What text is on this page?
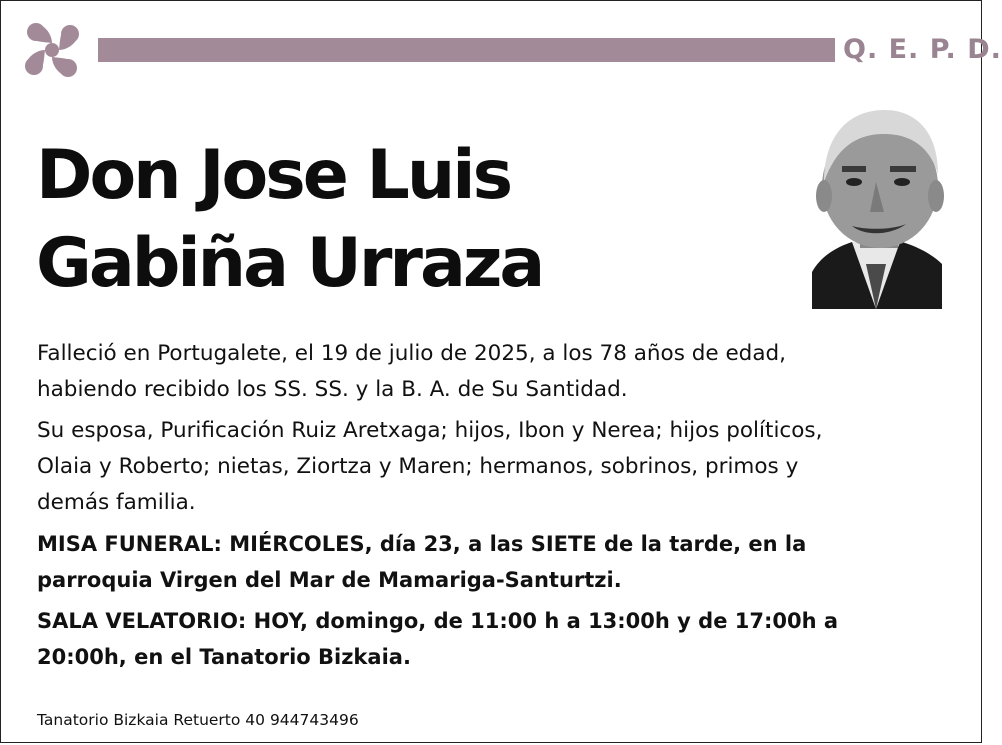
Q. E. P. D.
Don Jose Luis
Gabiña Urraza

Falleció en Portugalete, el 19 de julio de 2025, a los 78 años de edad,
habiendo recibido los SS. SS. y la B. A. de Su Santidad.

Su esposa, Purificación Ruiz Aretxaga; hijos, Ibon y Nerea; hijos políticos,
Olaia y Roberto; nietas, Ziortza y Maren; hermanos, sobrinos, primos y
demás familia.

MISA FUNERAL: MIÉRCOLES, día 23, a las SIETE de la tarde, en la
parroquia Virgen del Mar de Mamariga-Santurtzi.

SALA VELATORIO: HOY, domingo, de 11:00 h a 13:00h y de 17:00h a
20:00h, en el Tanatorio Bizkaia.

Tanatorio Bizkaia Retuerto 40 944743496
